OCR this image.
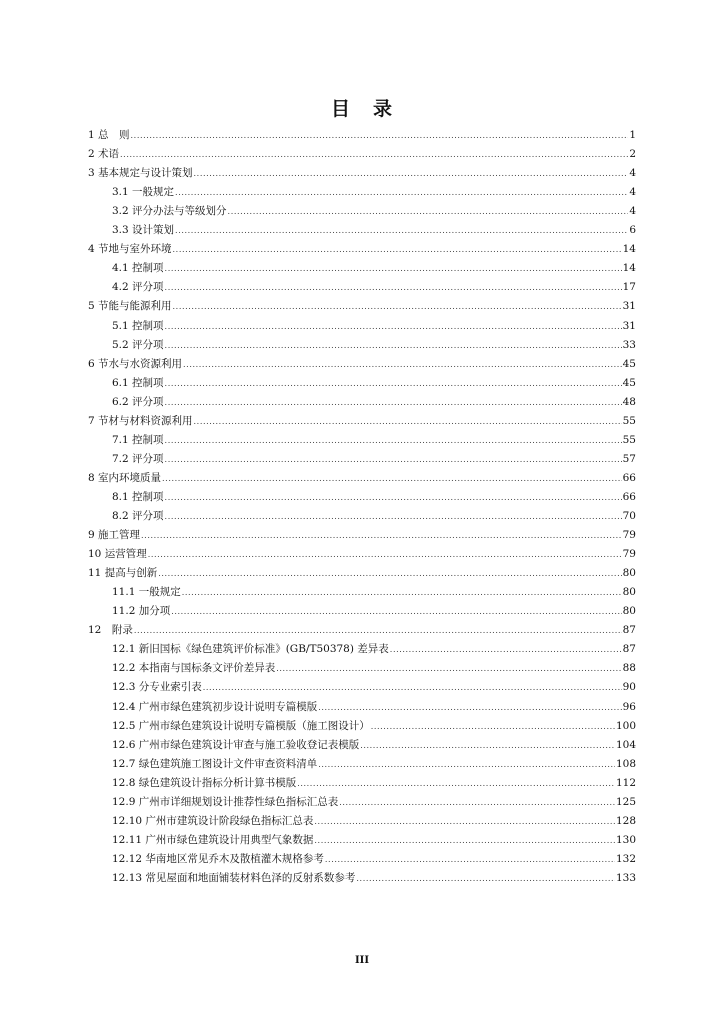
目 录
1 总　则 .....	1
2 术语 .....	2
3 基本规定与设计策划 .....	4
3.1 一般规定 .....	4
3.2 评分办法与等级划分 .....	4
3.3 设计策划 .....	6
4 节地与室外环境 .....	14
4.1 控制项 .....	14
4.2 评分项 .....	17
5 节能与能源利用 .....	31
5.1 控制项 .....	31
5.2 评分项 .....	33
6 节水与水资源利用 .....	45
6.1 控制项 .....	45
6.2 评分项 .....	48
7 节材与材料资源利用 .....	55
7.1 控制项 .....	55
7.2 评分项 .....	57
8 室内环境质量 .....	66
8.1 控制项 .....	66
8.2 评分项 .....	70
9 施工管理 .....	79
10 运营管理 .....	79
11 提高与创新 .....	80
11.1 一般规定 .....	80
11.2 加分项 .....	80
12　附录 .....	87
12.1 新旧国标《绿色建筑评价标准》(GB/T50378) 差异表 .....	87
12.2 本指南与国标条文评价差异表 .....	88
12.3 分专业索引表 .....	90
12.4 广州市绿色建筑初步设计说明专篇模版 .....	96
12.5 广州市绿色建筑设计说明专篇模版（施工图设计） .....	100
12.6 广州市绿色建筑设计审查与施工验收登记表模版 .....	104
12.7 绿色建筑施工图设计文件审查资料清单 .....	108
12.8 绿色建筑设计指标分析计算书模版 .....	112
12.9 广州市详细规划设计推荐性绿色指标汇总表 .....	125
12.10 广州市建筑设计阶段绿色指标汇总表 .....	128
12.11 广州市绿色建筑设计用典型气象数据 .....	130
12.12 华南地区常见乔木及散植灌木规格参考 .....	132
12.13 常见屋面和地面铺装材料色泽的反射系数参考 .....	133
III
